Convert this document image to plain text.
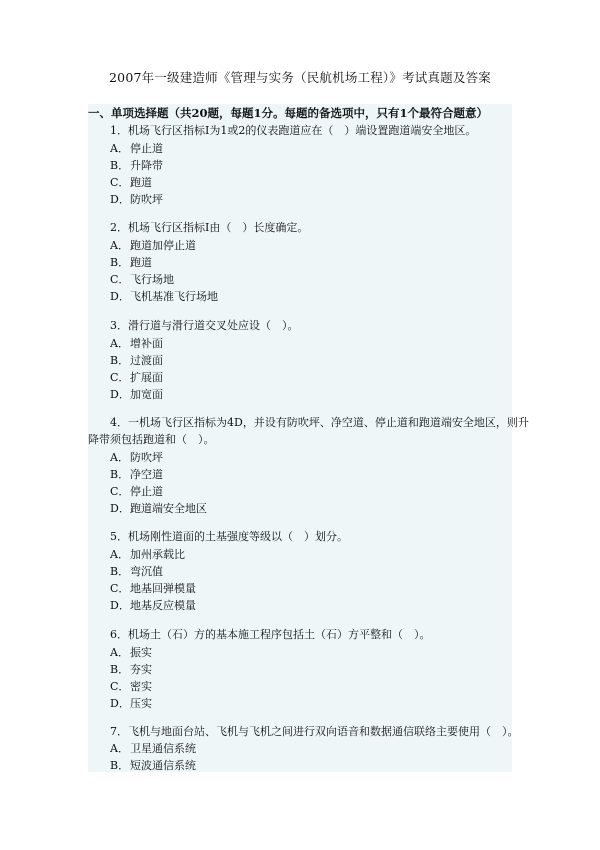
2007年一级建造师《管理与实务（民航机场工程）》考试真题及答案
一、单项选择题（共20题，每题1分。每题的备选项中，只有1个最符合题意）
1．机场飞行区指标Ⅰ为1或2的仪表跑道应在（　）端设置跑道端安全地区。
A．停止道
B．升降带
C．跑道
D．防吹坪
2．机场飞行区指标Ⅰ由（　）长度确定。
A．跑道加停止道
B．跑道
C．飞行场地
D．飞机基准飞行场地
3．滑行道与滑行道交叉处应设（　）。
A．增补面
B．过渡面
C．扩展面
D．加宽面
4．一机场飞行区指标为4D，并设有防吹坪、净空道、停止道和跑道端安全地区，则升
降带须包括跑道和（　）。
A．防吹坪
B．净空道
C．停止道
D．跑道端安全地区
5．机场刚性道面的土基强度等级以（　）划分。
A．加州承载比
B．弯沉值
C．地基回弹模量
D．地基反应模量
6．机场土（石）方的基本施工程序包括土（石）方平整和（　）。
A．振实
B．夯实
C．密实
D．压实
7．飞机与地面台站、飞机与飞机之间进行双向语音和数据通信联络主要使用（　）。
A．卫星通信系统
B．短波通信系统
